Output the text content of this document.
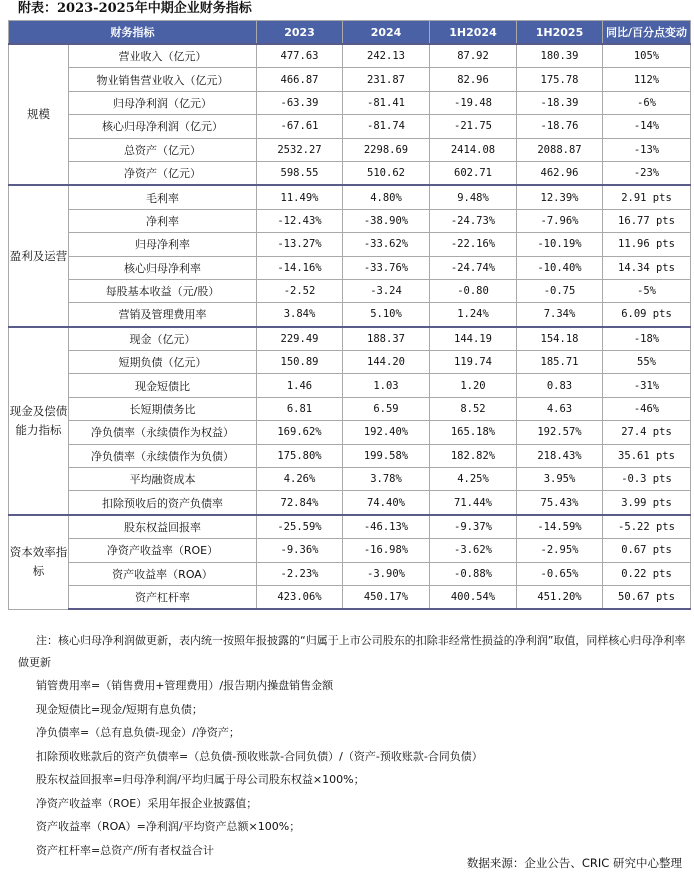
附表：2023-2025年中期企业财务指标
财务指标		2023	2024	1H2024	1H2025	同比/百分点变动
规模	营业收入（亿元）	477.63	242.13	87.92	180.39	105%
	物业销售营业收入（亿元）	466.87	231.87	82.96	175.78	112%
	归母净利润（亿元）	-63.39	-81.41	-19.48	-18.39	-6%
	核心归母净利润（亿元）	-67.61	-81.74	-21.75	-18.76	-14%
	总资产（亿元）	2532.27	2298.69	2414.08	2088.87	-13%
	净资产（亿元）	598.55	510.62	602.71	462.96	-23%
盈利及运营	毛利率	11.49%	4.80%	9.48%	12.39%	2.91 pts
	净利率	-12.43%	-38.90%	-24.73%	-7.96%	16.77 pts
	归母净利率	-13.27%	-33.62%	-22.16%	-10.19%	11.96 pts
	核心归母净利率	-14.16%	-33.76%	-24.74%	-10.40%	14.34 pts
	每股基本收益（元/股）	-2.52	-3.24	-0.80	-0.75	-5%
	营销及管理费用率	3.84%	5.10%	1.24%	7.34%	6.09 pts
现金及偿债能力指标	现金（亿元）	229.49	188.37	144.19	154.18	-18%
	短期负债（亿元）	150.89	144.20	119.74	185.71	55%
	现金短债比	1.46	1.03	1.20	0.83	-31%
	长短期债务比	6.81	6.59	8.52	4.63	-46%
	净负债率（永续债作为权益）	169.62%	192.40%	165.18%	192.57%	27.4 pts
	净负债率（永续债作为负债）	175.80%	199.58%	182.82%	218.43%	35.61 pts
	平均融资成本	4.26%	3.78%	4.25%	3.95%	-0.3 pts
	扣除预收后的资产负债率	72.84%	74.40%	71.44%	75.43%	3.99 pts
资本效率指标	股东权益回报率	-25.59%	-46.13%	-9.37%	-14.59%	-5.22 pts
	净资产收益率（ROE）	-9.36%	-16.98%	-3.62%	-2.95%	0.67 pts
	资产收益率（ROA）	-2.23%	-3.90%	-0.88%	-0.65%	0.22 pts
	资产杠杆率	423.06%	450.17%	400.54%	451.20%	50.67 pts

注：核心归母净利润做更新，表内统一按照年报披露的“归属于上市公司股东的扣除非经常性损益的净利润”取值，同样核心归母净利率做更新

销管费用率=（销售费用+管理费用）/报告期内操盘销售金额

现金短债比=现金/短期有息负债；

净负债率=（总有息负债-现金）/净资产；

扣除预收账款后的资产负债率=（总负债-预收账款-合同负债）/（资产-预收账款-合同负债）

股东权益回报率=归母净利润/平均归属于母公司股东权益×100%；

净资产收益率（ROE）采用年报企业披露值；

资产收益率（ROA）=净利润/平均资产总额×100%；

资产杠杆率=总资产/所有者权益合计

数据来源：企业公告、CRIC 研究中心整理
